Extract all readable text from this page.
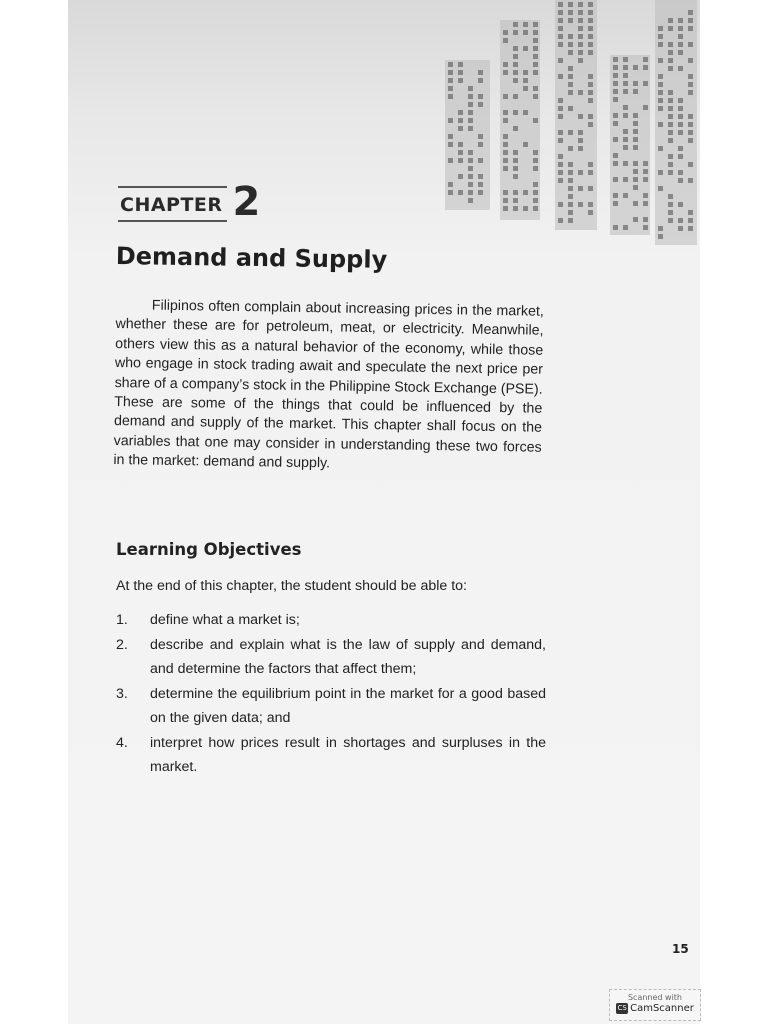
CHAPTER 2
Demand and Supply

Filipinos often complain about increasing prices in the market, whether these are for petroleum, meat, or electricity. Meanwhile, others view this as a natural behavior of the economy, while those who engage in stock trading await and speculate the next price per share of a company’s stock in the Philippine Stock Exchange (PSE). These are some of the things that could be influenced by the demand and supply of the market. This chapter shall focus on the variables that one may consider in understanding these two forces in the market: demand and supply.

Learning Objectives

At the end of this chapter, the student should be able to:

1.	define what a market is;
2.	describe and explain what is the law of supply and demand, and determine the factors that affect them;
3.	determine the equilibrium point in the market for a good based on the given data; and
4.	interpret how prices result in shortages and surpluses in the market.
15
Scanned with
CS CamScanner
